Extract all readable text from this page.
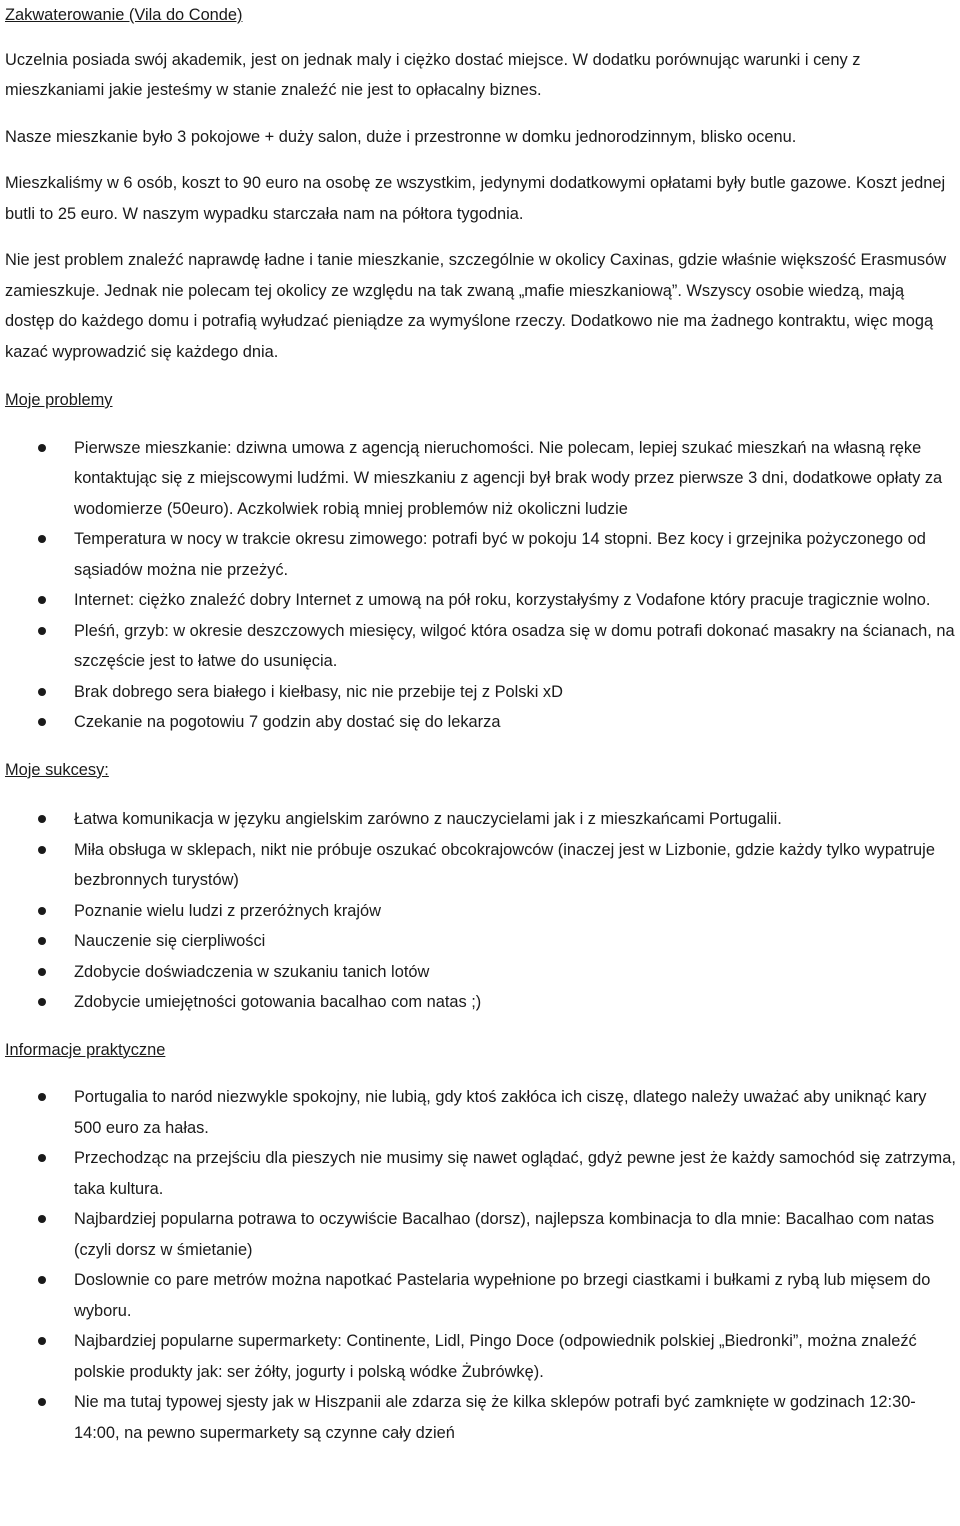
Zakwaterowanie (Vila do Conde)

Uczelnia posiada swój akademik, jest on jednak maly i ciężko dostać miejsce. W dodatku porównując warunki i ceny z mieszkaniami jakie jesteśmy w stanie znaleźć nie jest to opłacalny biznes.

Nasze mieszkanie było 3 pokojowe + duży salon, duże i przestronne w domku jednorodzinnym, blisko ocenu.

Mieszkaliśmy w 6 osób, koszt to 90 euro na osobę ze wszystkim, jedynymi dodatkowymi opłatami były butle gazowe. Koszt jednej butli to 25 euro. W naszym wypadku starczała nam na półtora tygodnia.

Nie jest problem znaleźć naprawdę ładne i tanie mieszkanie, szczególnie w okolicy Caxinas, gdzie właśnie większość Erasmusów zamieszkuje. Jednak nie polecam tej okolicy ze względu na tak zwaną „mafie mieszkaniową”. Wszyscy osobie wiedzą, mają dostęp do każdego domu i potrafią wyłudzać pieniądze za wymyślone rzeczy. Dodatkowo nie ma żadnego kontraktu, więc mogą kazać wyprowadzić się każdego dnia.

Moje problemy
Pierwsze mieszkanie: dziwna umowa z agencją nieruchomości. Nie polecam, lepiej szukać mieszkań na własną ręke kontaktując się z miejscowymi ludźmi. W mieszkaniu z agencji był brak wody przez pierwsze 3 dni, dodatkowe opłaty za wodomierze (50euro). Aczkolwiek robią mniej problemów niż okoliczni ludzie
Temperatura w nocy w trakcie okresu zimowego: potrafi być w pokoju 14 stopni. Bez kocy i grzejnika pożyczonego od sąsiadów można nie przeżyć.
Internet: ciężko znaleźć dobry Internet z umową na pół roku, korzystałyśmy z Vodafone który pracuje tragicznie wolno.
Pleśń, grzyb: w okresie deszczowych miesięcy, wilgoć która osadza się w domu potrafi dokonać masakry na ścianach, na szczęście jest to łatwe do usunięcia.
Brak dobrego sera białego i kiełbasy, nic nie przebije tej z Polski xD
Czekanie na pogotowiu 7 godzin aby dostać się do lekarza
Moje sukcesy:
Łatwa komunikacja w języku angielskim zarówno z nauczycielami jak i z mieszkańcami Portugalii.
Miła obsługa w sklepach, nikt nie próbuje oszukać obcokrajowców (inaczej jest w Lizbonie, gdzie każdy tylko wypatruje bezbronnych turystów)
Poznanie wielu ludzi z przeróżnych krajów
Nauczenie się cierpliwości
Zdobycie doświadczenia w szukaniu tanich lotów
Zdobycie umiejętności gotowania bacalhao com natas ;)
Informacje praktyczne
Portugalia to naród niezwykle spokojny, nie lubią, gdy ktoś zakłóca ich ciszę, dlatego należy uważać aby uniknąć kary 500 euro za hałas.
Przechodząc na przejściu dla pieszych nie musimy się nawet oglądać, gdyż pewne jest że każdy samochód się zatrzyma, taka kultura.
Najbardziej popularna potrawa to oczywiście Bacalhao (dorsz), najlepsza kombinacja to dla mnie: Bacalhao com natas (czyli dorsz w śmietanie)
Doslownie co pare metrów można napotkać Pastelaria wypełnione po brzegi ciastkami i bułkami z rybą lub mięsem do wyboru.
Najbardziej popularne supermarkety: Continente, Lidl, Pingo Doce (odpowiednik polskiej „Biedronki”, można znaleźć polskie produkty jak: ser żółty, jogurty i polską wódke Żubrówkę).
Nie ma tutaj typowej sjesty jak w Hiszpanii ale zdarza się że kilka sklepów potrafi być zamknięte w godzinach 12:30-14:00, na pewno supermarkety są czynne cały dzień
